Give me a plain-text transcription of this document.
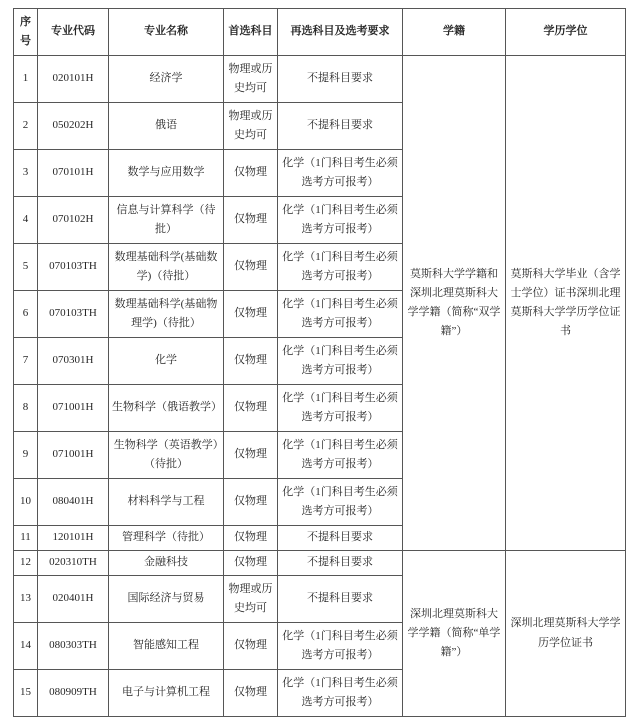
序号	专业代码	专业名称	首选科目	再选科目及选考要求	学籍	学历学位
1	020101H	经济学	物理或历史均可	不提科目要求	莫斯科大学学籍和深圳北理莫斯科大学学籍（简称“双学籍”）	莫斯科大学毕业（含学士学位）证书深圳北理莫斯科大学学历学位证书
2	050202H	俄语	物理或历史均可	不提科目要求		
3	070101H	数学与应用数学	仅物理	化学（1门科目考生必须选考方可报考）		
4	070102H	信息与计算科学（待批）	仅物理	化学（1门科目考生必须选考方可报考）		
5	070103TH	数理基础科学(基础数学)（待批）	仅物理	化学（1门科目考生必须选考方可报考）		
6	070103TH	数理基础科学(基础物理学)（待批）	仅物理	化学（1门科目考生必须选考方可报考）		
7	070301H	化学	仅物理	化学（1门科目考生必须选考方可报考）		
8	071001H	生物科学（俄语教学）	仅物理	化学（1门科目考生必须选考方可报考）		
9	071001H	生物科学（英语教学）（待批）	仅物理	化学（1门科目考生必须选考方可报考）		
10	080401H	材料科学与工程	仅物理	化学（1门科目考生必须选考方可报考）		
11	120101H	管理科学（待批）	仅物理	不提科目要求		
12	020310TH	金融科技	仅物理	不提科目要求	深圳北理莫斯科大学学籍（简称“单学籍”）	深圳北理莫斯科大学学历学位证书
13	020401H	国际经济与贸易	物理或历史均可	不提科目要求		
14	080303TH	智能感知工程	仅物理	化学（1门科目考生必须选考方可报考）		
15	080909TH	电子与计算机工程	仅物理	化学（1门科目考生必须选考方可报考）		
